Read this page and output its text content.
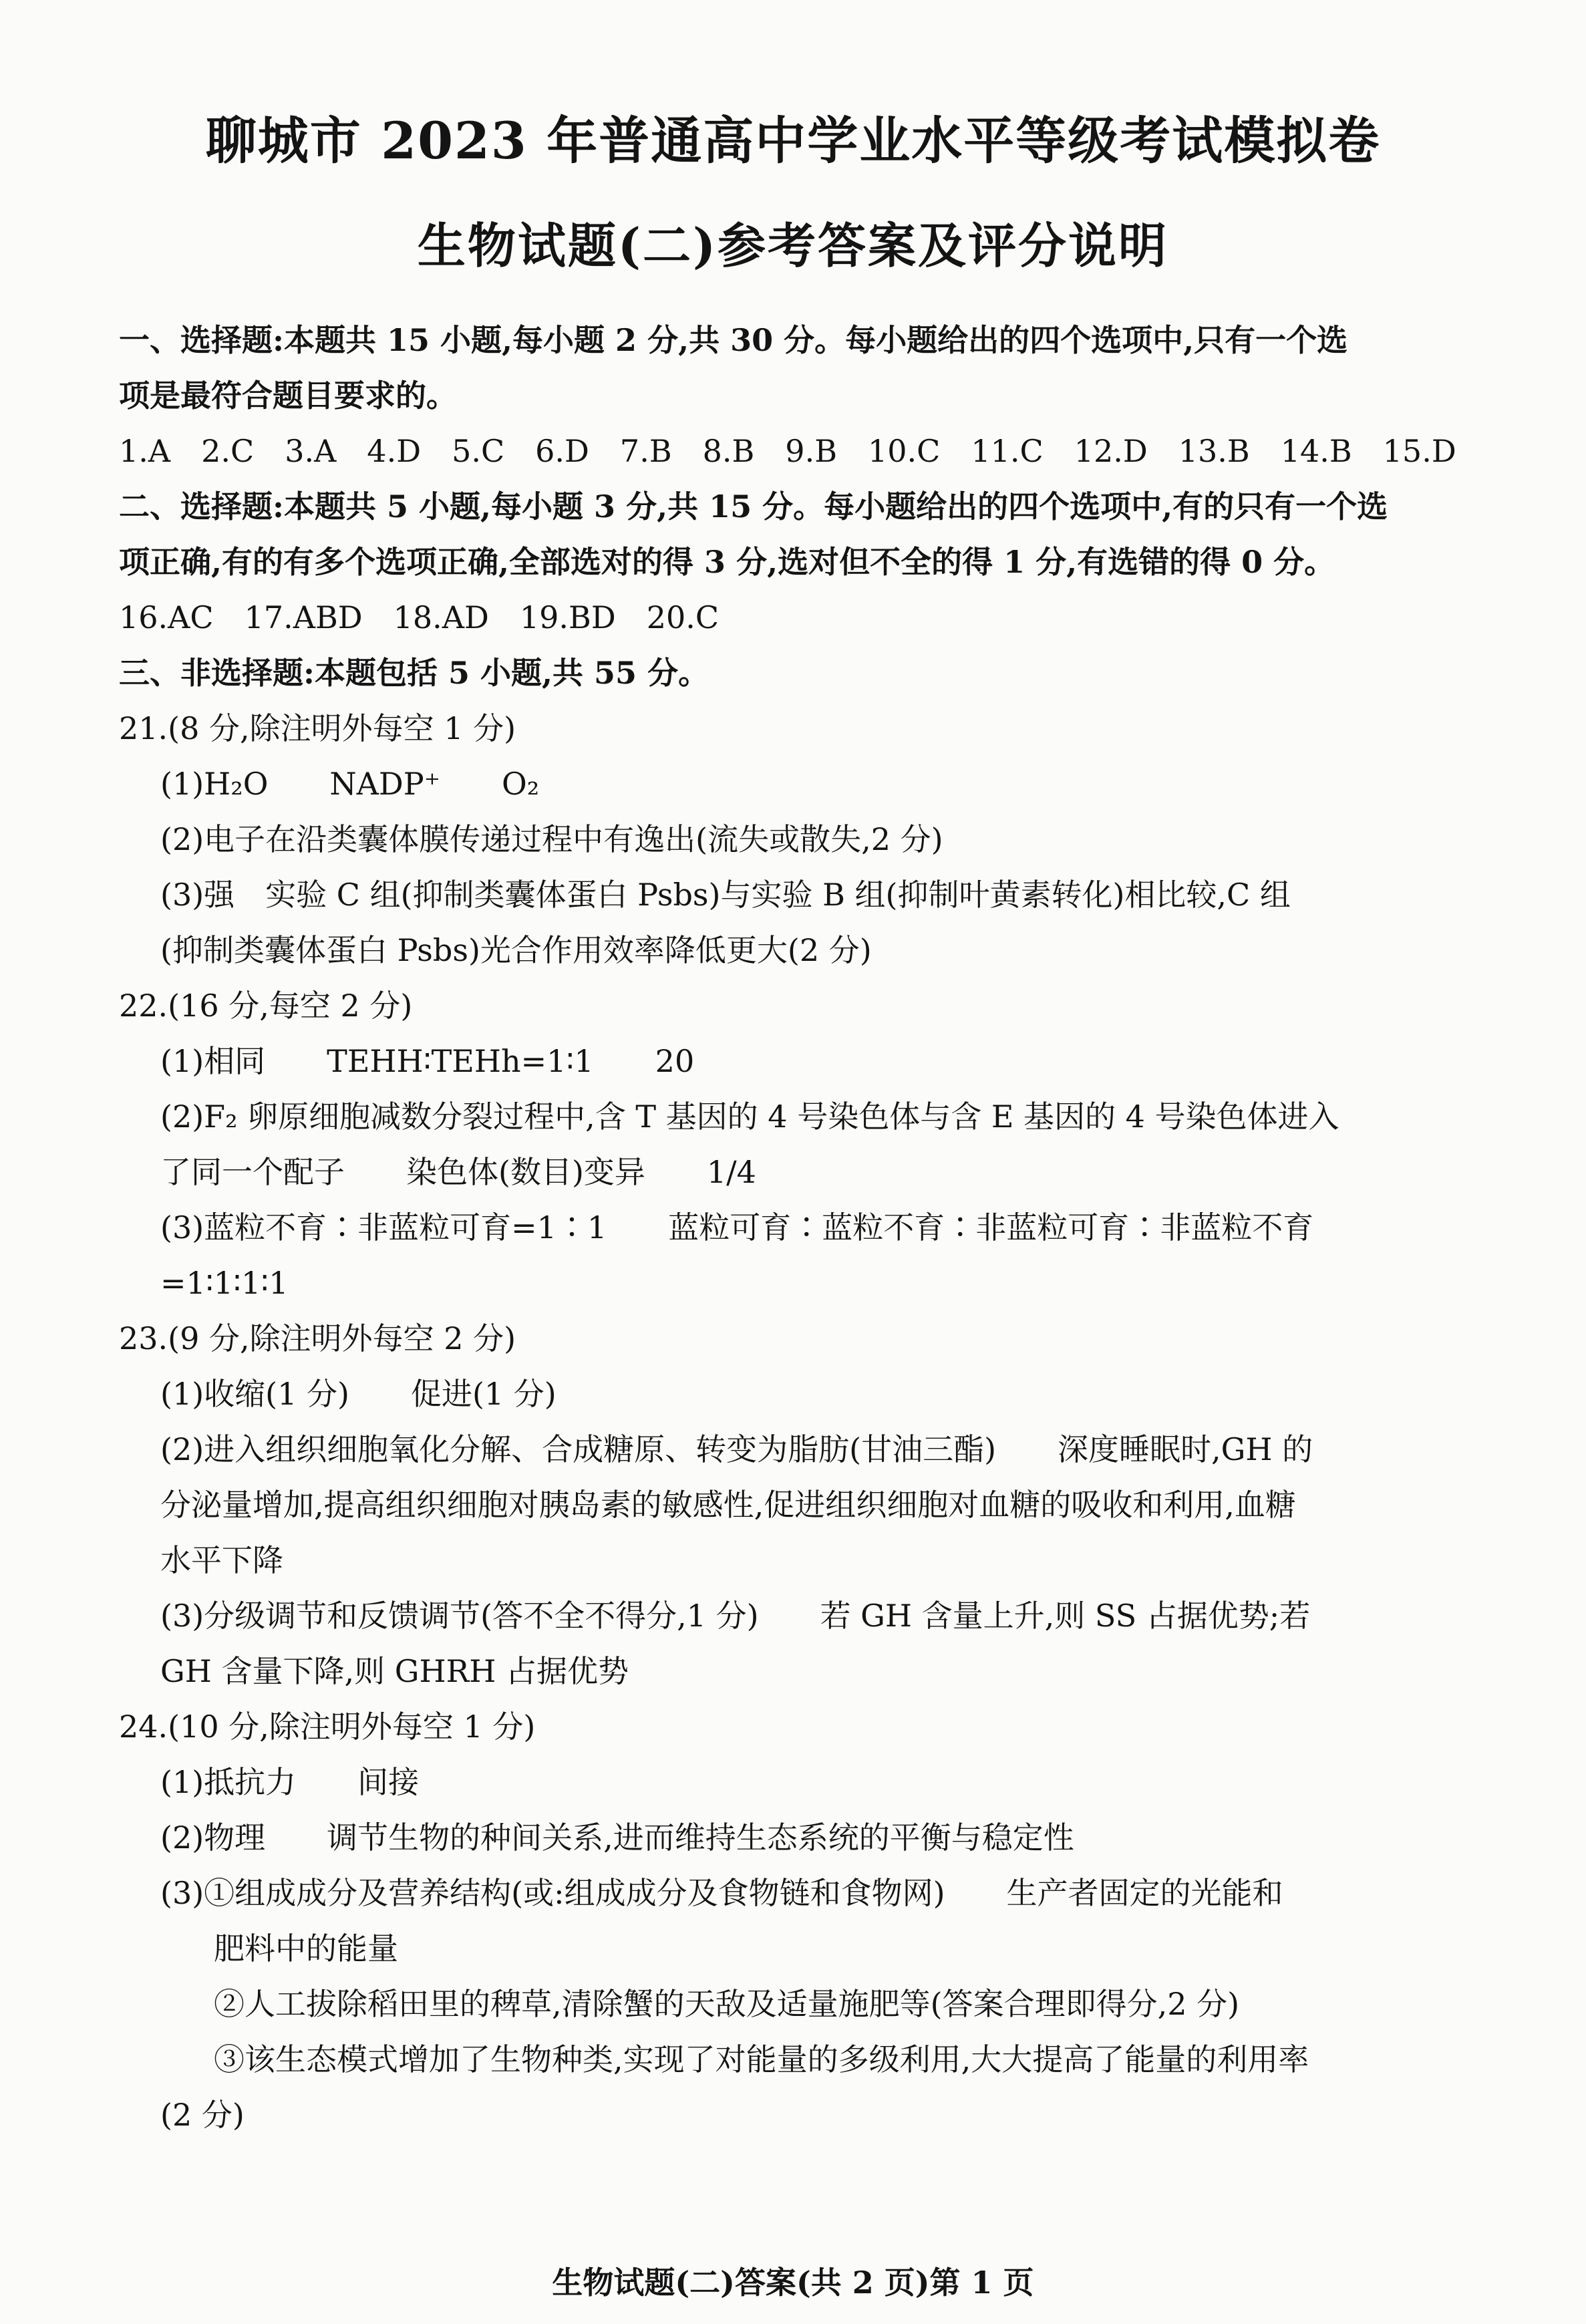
聊城市 2023 年普通高中学业水平等级考试模拟卷
生物试题(二)参考答案及评分说明
一、选择题:本题共 15 小题,每小题 2 分,共 30 分。每小题给出的四个选项中,只有一个选
项是最符合题目要求的。
1.A　2.C　3.A　4.D　5.C　6.D　7.B　8.B　9.B　10.C　11.C　12.D　13.B　14.B　15.D
二、选择题:本题共 5 小题,每小题 3 分,共 15 分。每小题给出的四个选项中,有的只有一个选
项正确,有的有多个选项正确,全部选对的得 3 分,选对但不全的得 1 分,有选错的得 0 分。
16.AC　17.ABD　18.AD　19.BD　20.C
三、非选择题:本题包括 5 小题,共 55 分。
21.(8 分,除注明外每空 1 分)
(1)H₂O　　NADP⁺　　O₂
(2)电子在沿类囊体膜传递过程中有逸出(流失或散失,2 分)
(3)强　实验 C 组(抑制类囊体蛋白 Psbs)与实验 B 组(抑制叶黄素转化)相比较,C 组
(抑制类囊体蛋白 Psbs)光合作用效率降低更大(2 分)
22.(16 分,每空 2 分)
(1)相同　　TEHH∶TEHh=1∶1　　20
(2)F₂ 卵原细胞减数分裂过程中,含 T 基因的 4 号染色体与含 E 基因的 4 号染色体进入
了同一个配子　　染色体(数目)变异　　1/4
(3)蓝粒不育∶非蓝粒可育=1∶1　　蓝粒可育∶蓝粒不育∶非蓝粒可育∶非蓝粒不育
=1∶1∶1∶1
23.(9 分,除注明外每空 2 分)
(1)收缩(1 分)　　促进(1 分)
(2)进入组织细胞氧化分解、合成糖原、转变为脂肪(甘油三酯)　　深度睡眠时,GH 的
分泌量增加,提高组织细胞对胰岛素的敏感性,促进组织细胞对血糖的吸收和利用,血糖
水平下降
(3)分级调节和反馈调节(答不全不得分,1 分)　　若 GH 含量上升,则 SS 占据优势;若
GH 含量下降,则 GHRH 占据优势
24.(10 分,除注明外每空 1 分)
(1)抵抗力　　间接
(2)物理　　调节生物的种间关系,进而维持生态系统的平衡与稳定性
(3)①组成成分及营养结构(或:组成成分及食物链和食物网)　　生产者固定的光能和
肥料中的能量
②人工拔除稻田里的稗草,清除蟹的天敌及适量施肥等(答案合理即得分,2 分)
③该生态模式增加了生物种类,实现了对能量的多级利用,大大提高了能量的利用率
(2 分)
生物试题(二)答案(共 2 页)第 1 页
